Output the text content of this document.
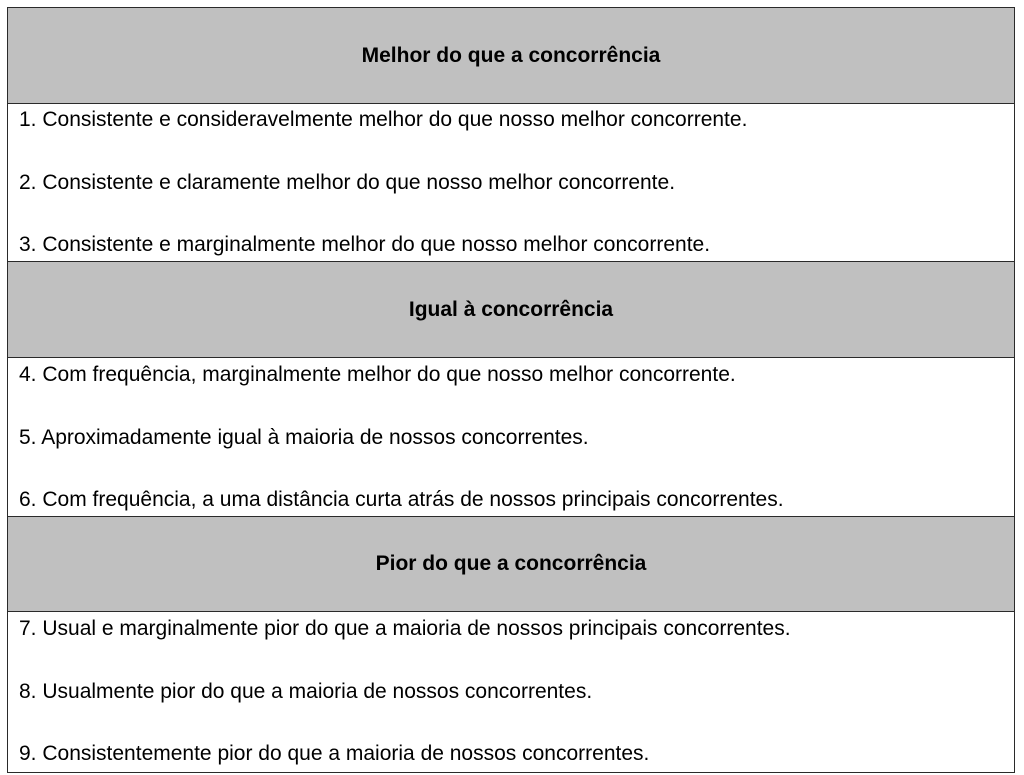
Melhor do que a concorrência
1. Consistente e consideravelmente melhor do que nosso melhor concorrente.
2. Consistente e claramente melhor do que nosso melhor concorrente.
3. Consistente e marginalmente melhor do que nosso melhor concorrente.
Igual à concorrência
4. Com frequência, marginalmente melhor do que nosso melhor concorrente.
5. Aproximadamente igual à maioria de nossos concorrentes.
6. Com frequência, a uma distância curta atrás de nossos principais concorrentes.
Pior do que a concorrência
7. Usual e marginalmente pior do que a maioria de nossos principais concorrentes.
8. Usualmente pior do que a maioria de nossos concorrentes.
9. Consistentemente pior do que a maioria de nossos concorrentes.
